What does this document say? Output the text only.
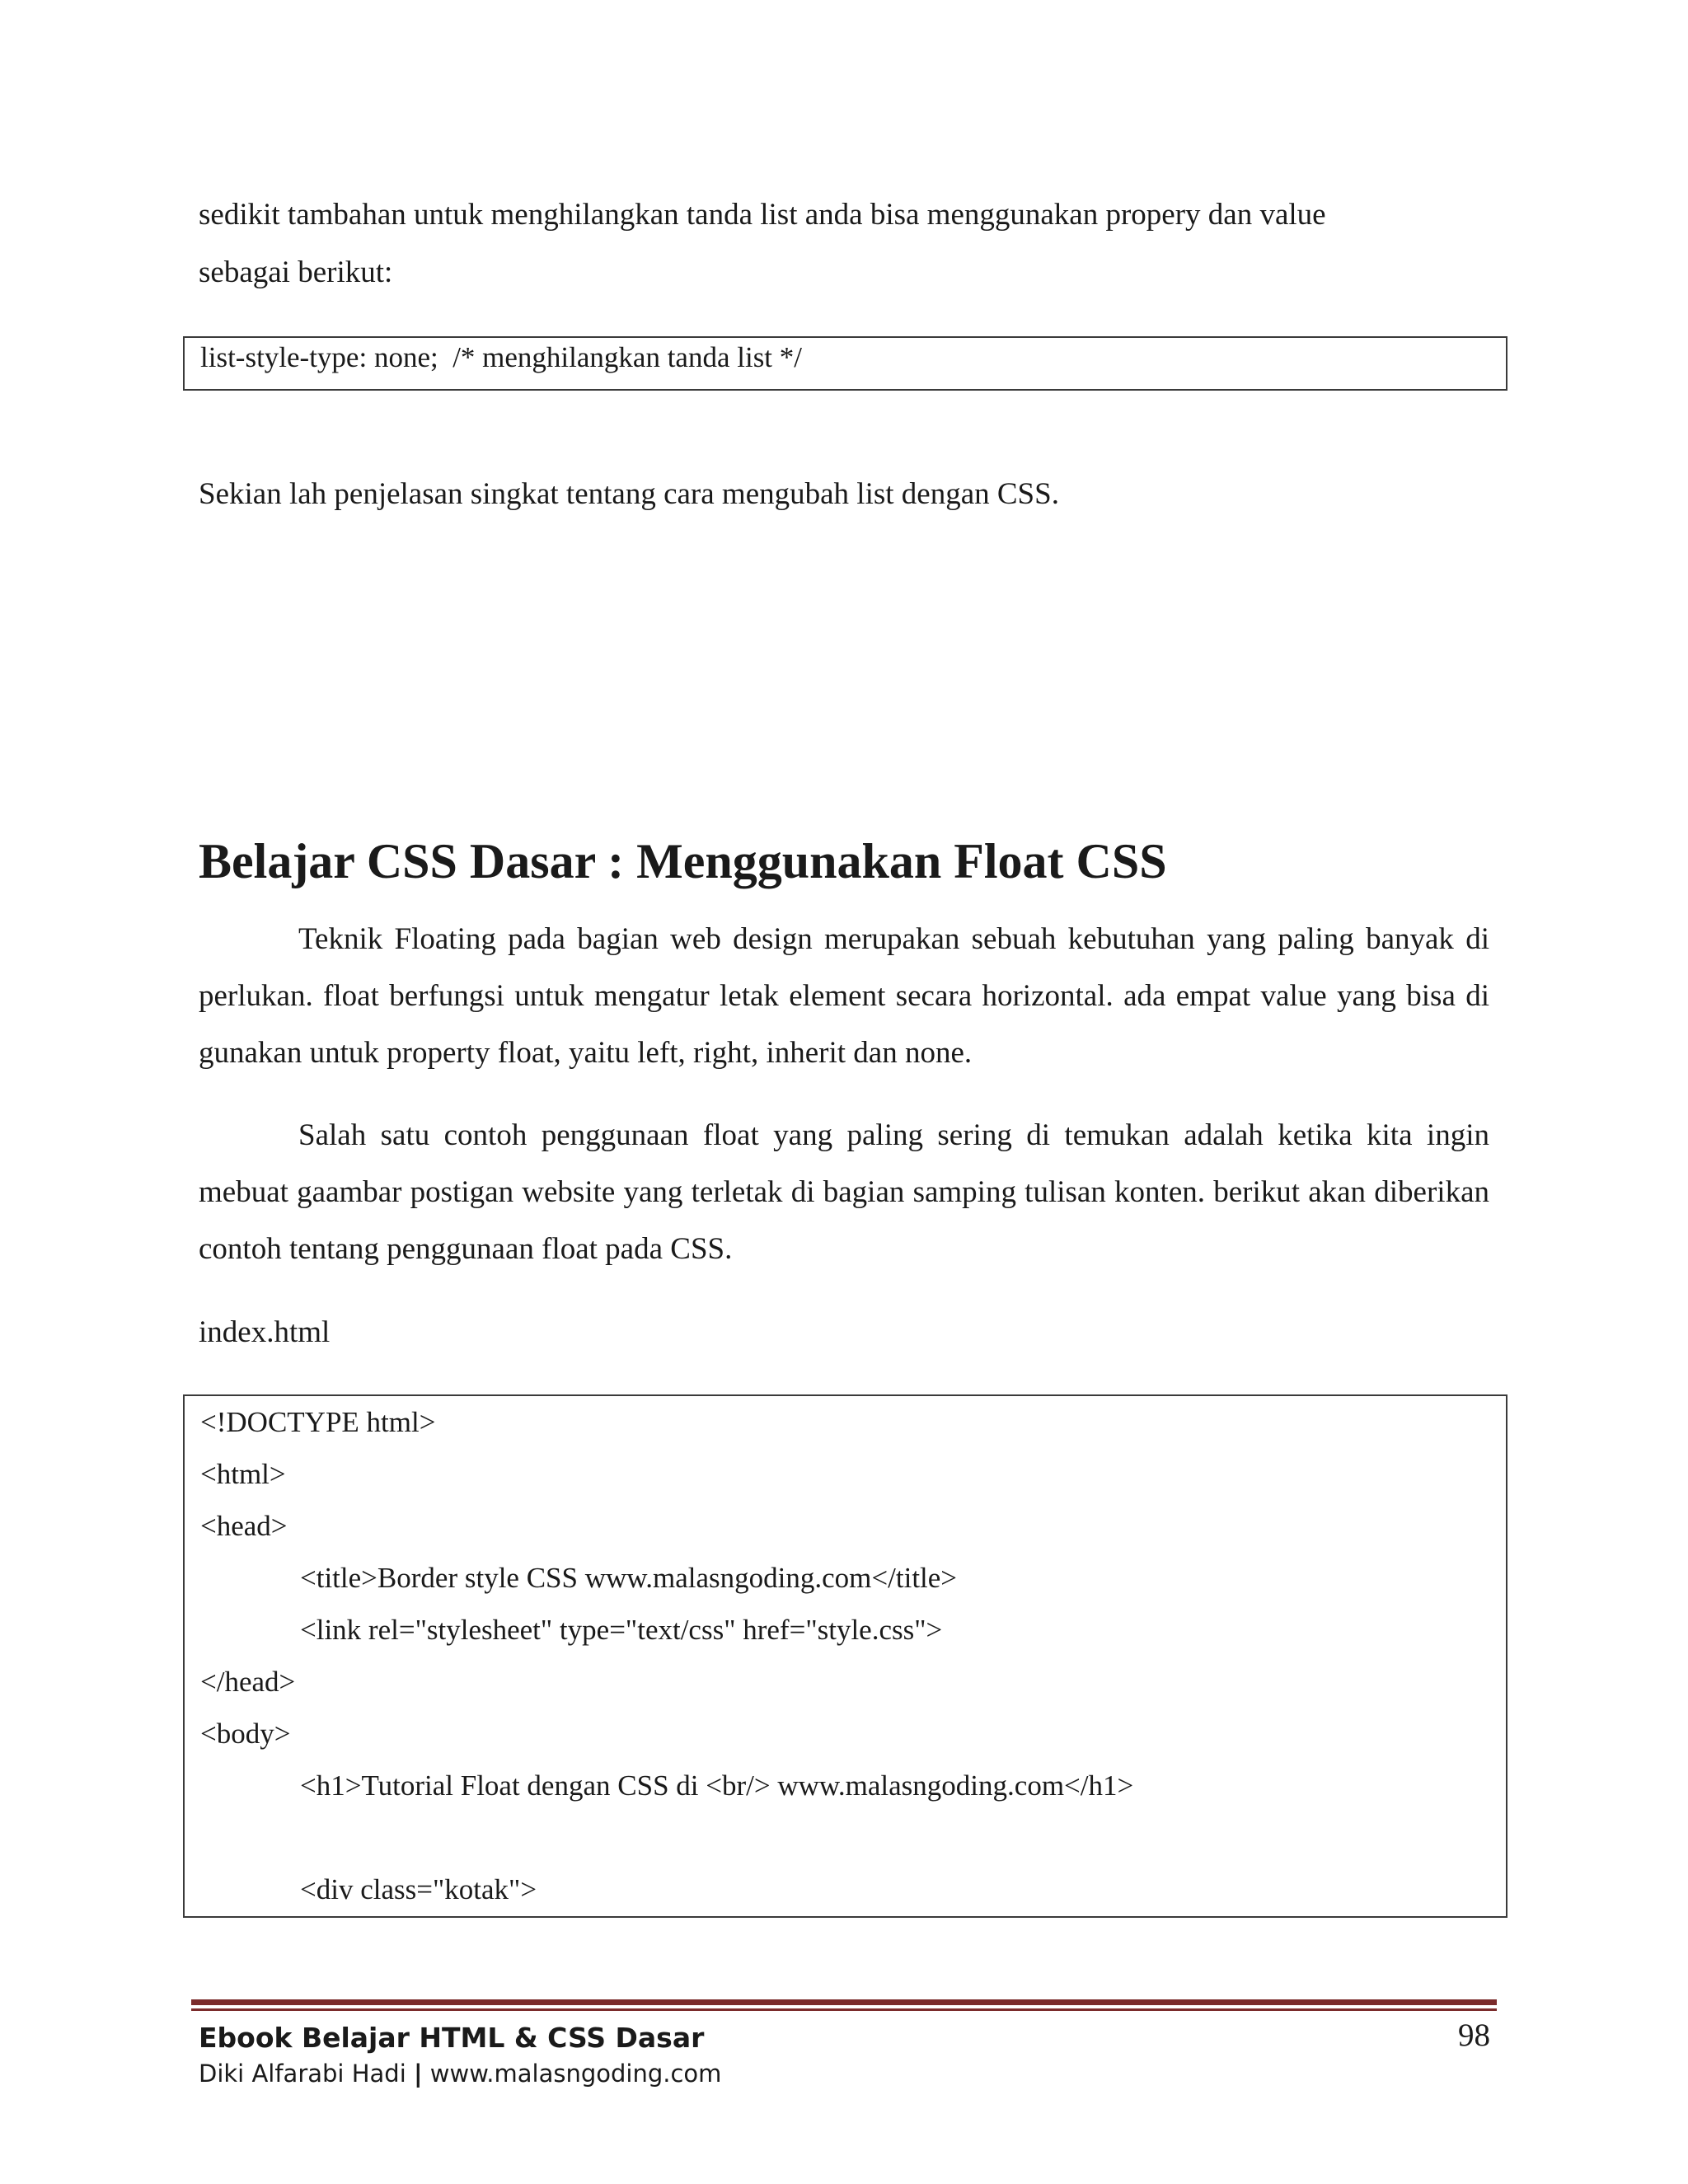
sedikit tambahan untuk menghilangkan tanda list anda bisa menggunakan propery dan value

sebagai berikut:

list-style-type: none;  /* menghilangkan tanda list */

Sekian lah penjelasan singkat tentang cara mengubah list dengan CSS.

Belajar CSS Dasar : Menggunakan Float CSS

Teknik Floating pada bagian web design merupakan sebuah kebutuhan yang paling banyak di perlukan. float berfungsi untuk mengatur letak element secara horizontal. ada empat value yang bisa di gunakan untuk property float, yaitu left, right, inherit dan none.

Salah satu contoh penggunaan float yang paling sering di temukan adalah ketika kita ingin mebuat gaambar postigan website yang terletak di bagian samping tulisan konten. berikut akan diberikan contoh tentang penggunaan float pada CSS.

index.html

<!DOCTYPE html>
<html>
<head>
<title>Border style CSS www.malasngoding.com</title>
<link rel="stylesheet" type="text/css" href="style.css">
</head>
<body>
<h1>Tutorial Float dengan CSS di <br/> www.malasngoding.com</h1>
<div class="kotak">
Ebook Belajar HTML & CSS Dasar
Diki Alfarabi Hadi | www.malasngoding.com
98
